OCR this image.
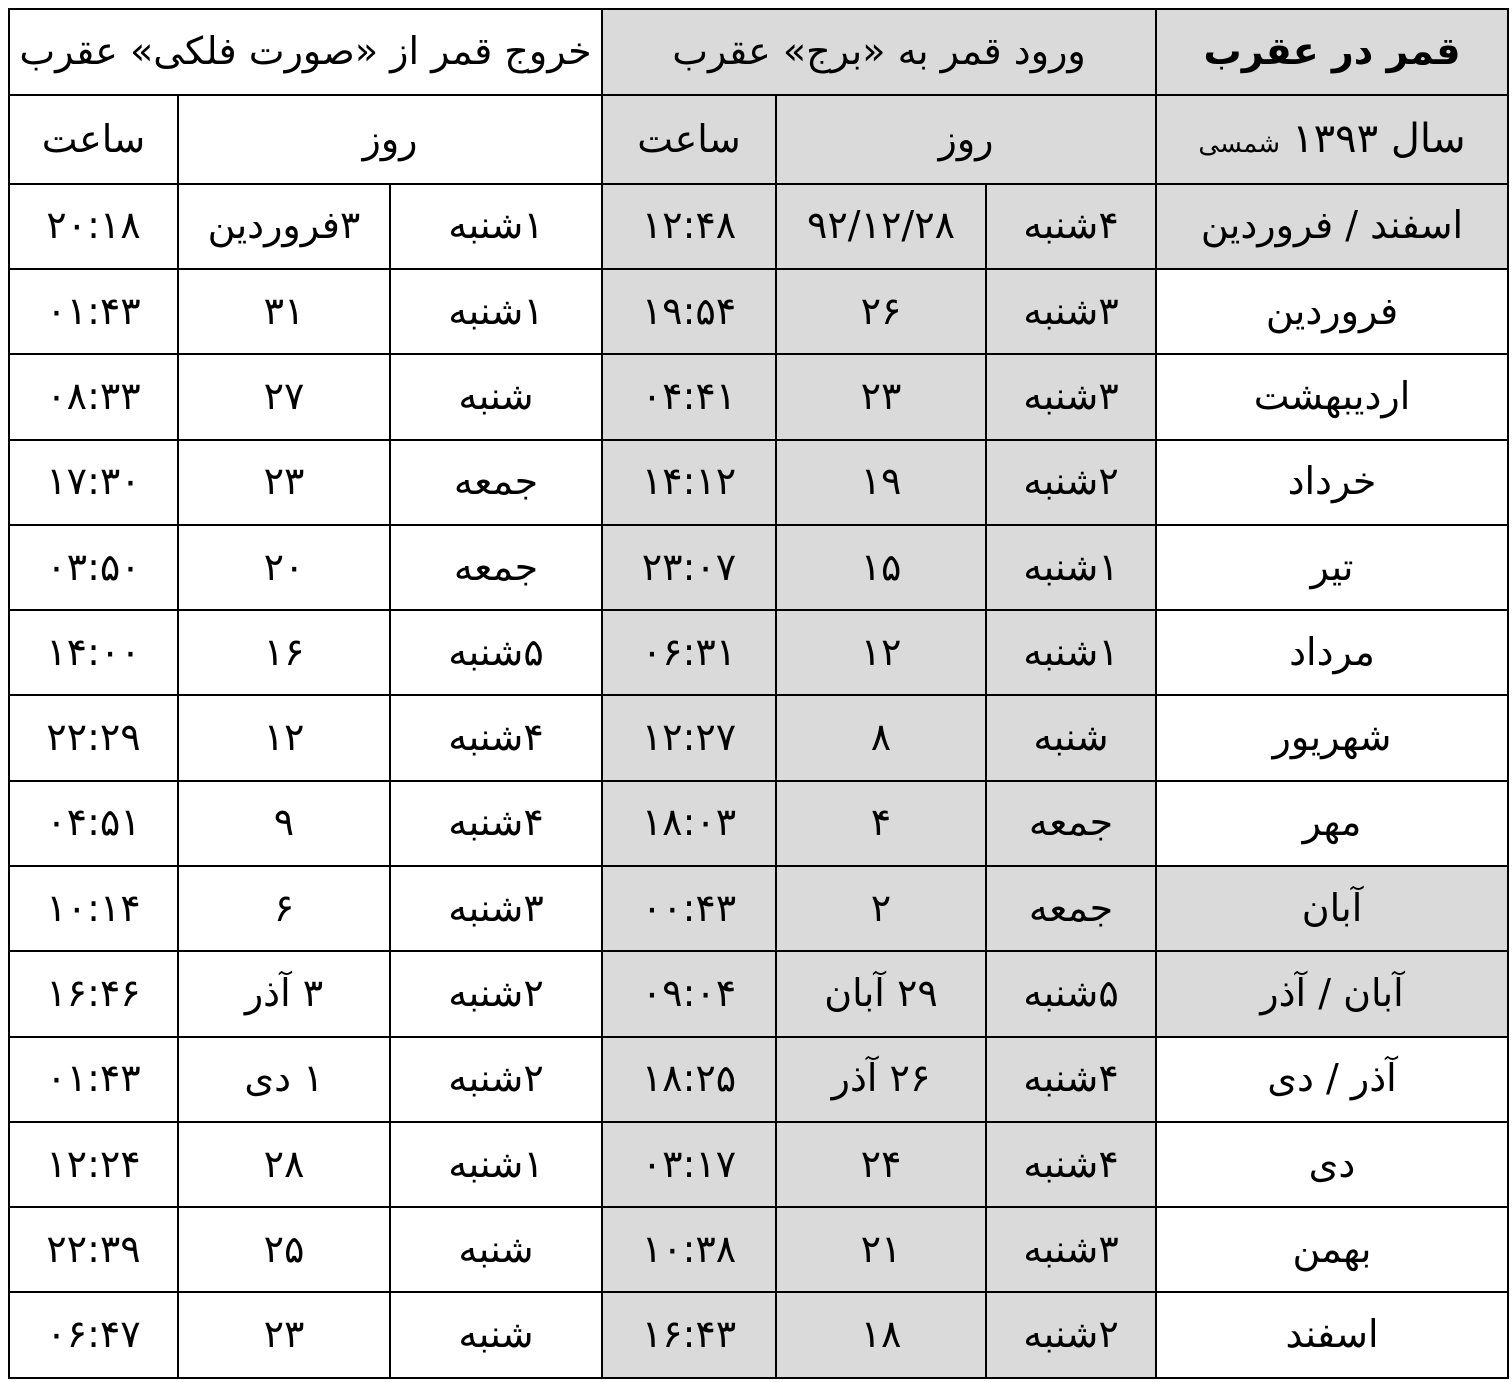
قمر در عقرب	ورود قمر به «برج» عقرب			خروج قمر از «صورت فلکی» عقرب		
سال ۱۳۹۳ شمسی	روز		ساعت	روز		ساعت
اسفند / فروردین	۴شنبه	۹۲/۱۲/۲۸	۱۲:۴۸	۱شنبه	۳فروردین	۲۰:۱۸
فروردین	۳شنبه	۲۶	۱۹:۵۴	۱شنبه	۳۱	۰۱:۴۳
اردیبهشت	۳شنبه	۲۳	۰۴:۴۱	شنبه	۲۷	۰۸:۳۳
خرداد	۲شنبه	۱۹	۱۴:۱۲	جمعه	۲۳	۱۷:۳۰
تیر	۱شنبه	۱۵	۲۳:۰۷	جمعه	۲۰	۰۳:۵۰
مرداد	۱شنبه	۱۲	۰۶:۳۱	۵شنبه	۱۶	۱۴:۰۰
شهریور	شنبه	۸	۱۲:۲۷	۴شنبه	۱۲	۲۲:۲۹
مهر	جمعه	۴	۱۸:۰۳	۴شنبه	۹	۰۴:۵۱
آبان	جمعه	۲	۰۰:۴۳	۳شنبه	۶	۱۰:۱۴
آبان / آذر	۵شنبه	۲۹ آبان	۰۹:۰۴	۲شنبه	۳ آذر	۱۶:۴۶
آذر / دی	۴شنبه	۲۶ آذر	۱۸:۲۵	۲شنبه	۱ دی	۰۱:۴۳
دی	۴شنبه	۲۴	۰۳:۱۷	۱شنبه	۲۸	۱۲:۲۴
بهمن	۳شنبه	۲۱	۱۰:۳۸	شنبه	۲۵	۲۲:۳۹
اسفند	۲شنبه	۱۸	۱۶:۴۳	شنبه	۲۳	۰۶:۴۷
